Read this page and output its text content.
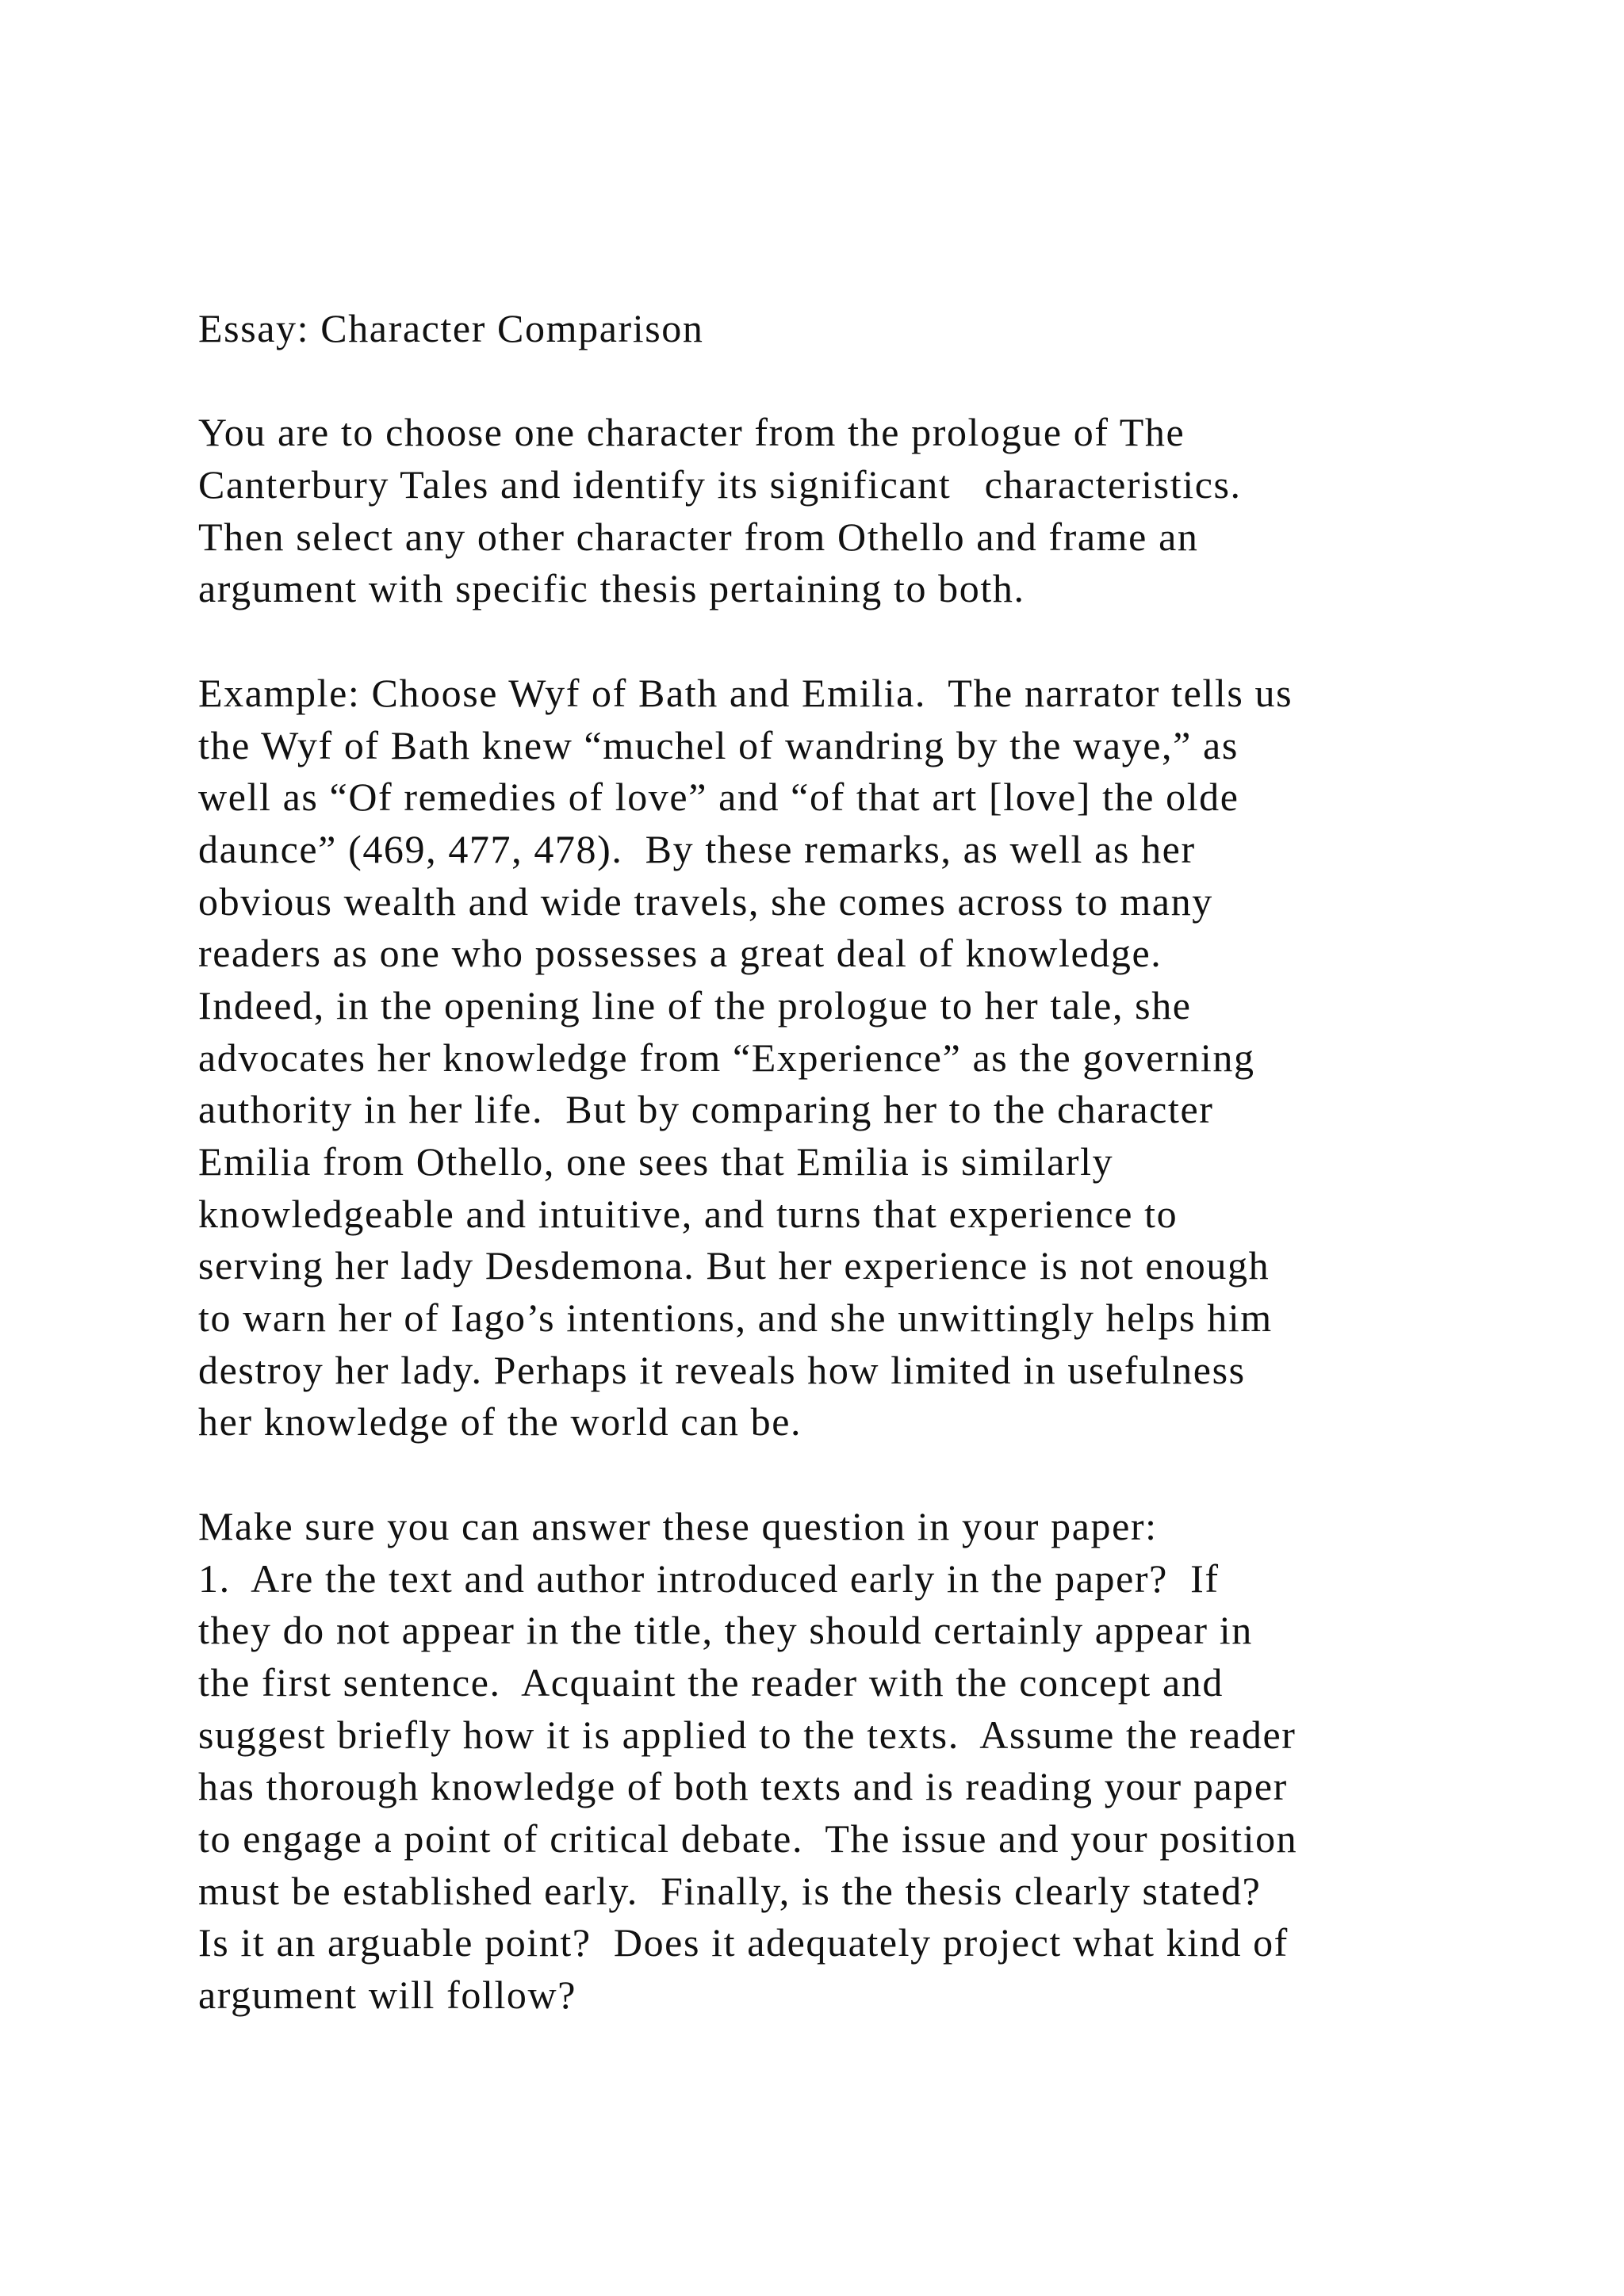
Essay: Character Comparison
You are to choose one character from the prologue of The
Canterbury Tales and identify its significant   characteristics.
Then select any other character from Othello and frame an
argument with specific thesis pertaining to both.
Example: Choose Wyf of Bath and Emilia.  The narrator tells us
the Wyf of Bath knew “muchel of wandring by the waye,” as
well as “Of remedies of love” and “of that art [love] the olde
daunce” (469, 477, 478).  By these remarks, as well as her
obvious wealth and wide travels, she comes across to many
readers as one who possesses a great deal of knowledge.
Indeed, in the opening line of the prologue to her tale, she
advocates her knowledge from “Experience” as the governing
authority in her life.  But by comparing her to the character
Emilia from Othello, one sees that Emilia is similarly
knowledgeable and intuitive, and turns that experience to
serving her lady Desdemona. But her experience is not enough
to warn her of Iago’s intentions, and she unwittingly helps him
destroy her lady. Perhaps it reveals how limited in usefulness
her knowledge of the world can be.
Make sure you can answer these question in your paper:
1.  Are the text and author introduced early in the paper?  If
they do not appear in the title, they should certainly appear in
the first sentence.  Acquaint the reader with the concept and
suggest briefly how it is applied to the texts.  Assume the reader
has thorough knowledge of both texts and is reading your paper
to engage a point of critical debate.  The issue and your position
must be established early.  Finally, is the thesis clearly stated?
Is it an arguable point?  Does it adequately project what kind of
argument will follow?
